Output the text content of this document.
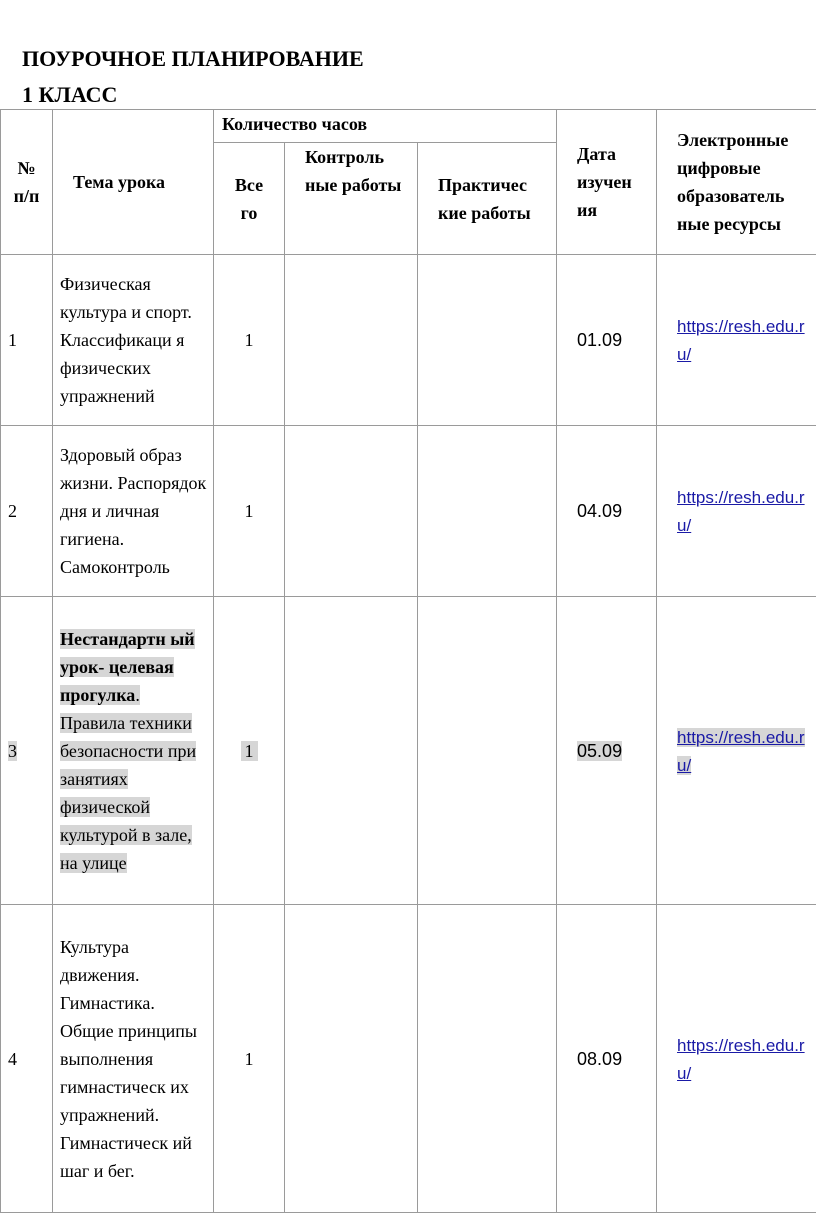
ПОУРОЧНОЕ ПЛАНИРОВАНИЕ
1 КЛАСС
№ п/п	Тема урока	Количество часов			Дата изучен ия	Электронные цифровые образователь ные ресурсы

		Все го	Контроль ные работы	Практичес кие работы		
1	Физическая культура и спорт. Классификаци я физических упражнений	1			01.09	https://resh.edu.ru/
2	Здоровый образ жизни. Распорядок дня и личная гигиена. Самоконтроль	1			04.09	https://resh.edu.ru/
3	Нестандартн ый урок- целевая прогулка. Правила техники безопасности при занятиях физической культурой в зале, на улице	1			05.09	https://resh.edu.ru/
4	Культура движения. Гимнастика. Общие принципы выполнения гимнастическ их упражнений. Гимнастическ ий шаг и бег.	1			08.09	https://resh.edu.ru/
